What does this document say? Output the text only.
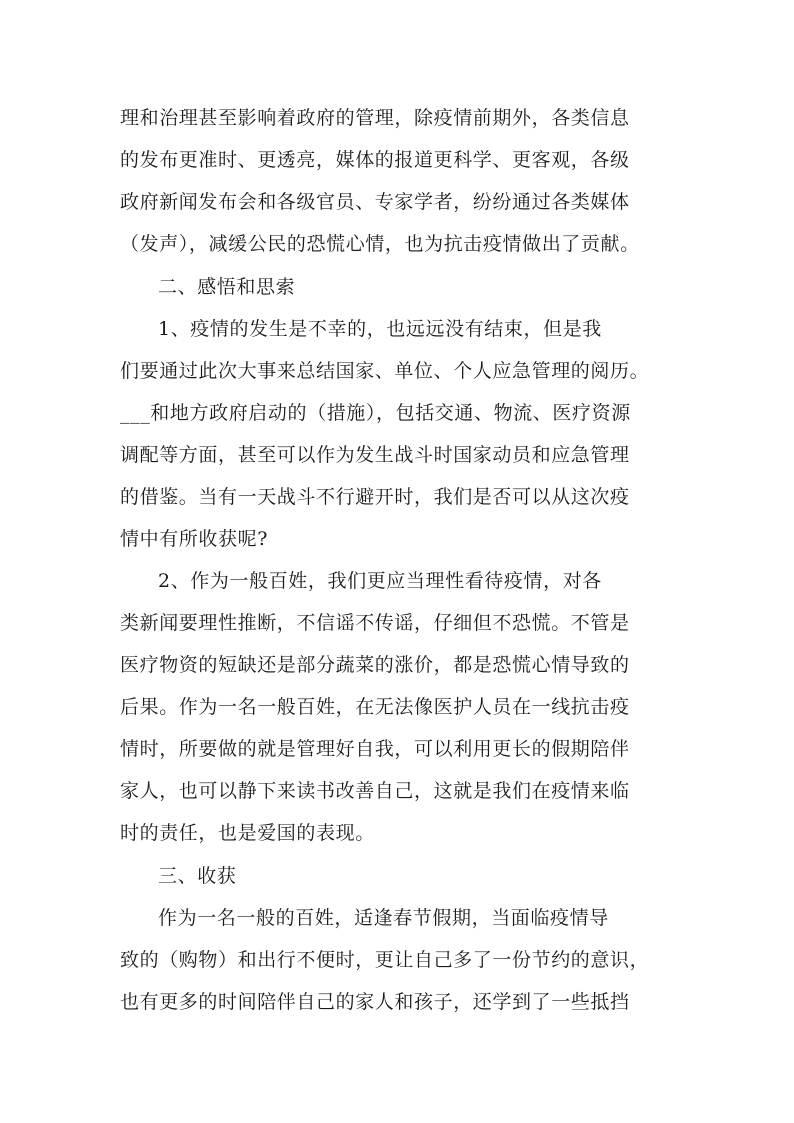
理和治理甚至影响着政府的管理，除疫情前期外，各类信息
的发布更准时、更透亮，媒体的报道更科学、更客观，各级
政府新闻发布会和各级官员、专家学者，纷纷通过各类媒体
（发声），减缓公民的恐慌心情，也为抗击疫情做出了贡献。
二、感悟和思索
1、疫情的发生是不幸的，也远远没有结束，但是我
们要通过此次大事来总结国家、单位、个人应急管理的阅历。
___和地方政府启动的（措施），包括交通、物流、医疗资源
调配等方面，甚至可以作为发生战斗时国家动员和应急管理
的借鉴。当有一天战斗不行避开时，我们是否可以从这次疫
情中有所收获呢?
2、作为一般百姓，我们更应当理性看待疫情，对各
类新闻要理性推断，不信谣不传谣，仔细但不恐慌。不管是
医疗物资的短缺还是部分蔬菜的涨价，都是恐慌心情导致的
后果。作为一名一般百姓，在无法像医护人员在一线抗击疫
情时，所要做的就是管理好自我，可以利用更长的假期陪伴
家人，也可以静下来读书改善自己，这就是我们在疫情来临
时的责任，也是爱国的表现。
三、收获
作为一名一般的百姓，适逢春节假期，当面临疫情导
致的（购物）和出行不便时，更让自己多了一份节约的意识，
也有更多的时间陪伴自己的家人和孩子，还学到了一些抵挡
